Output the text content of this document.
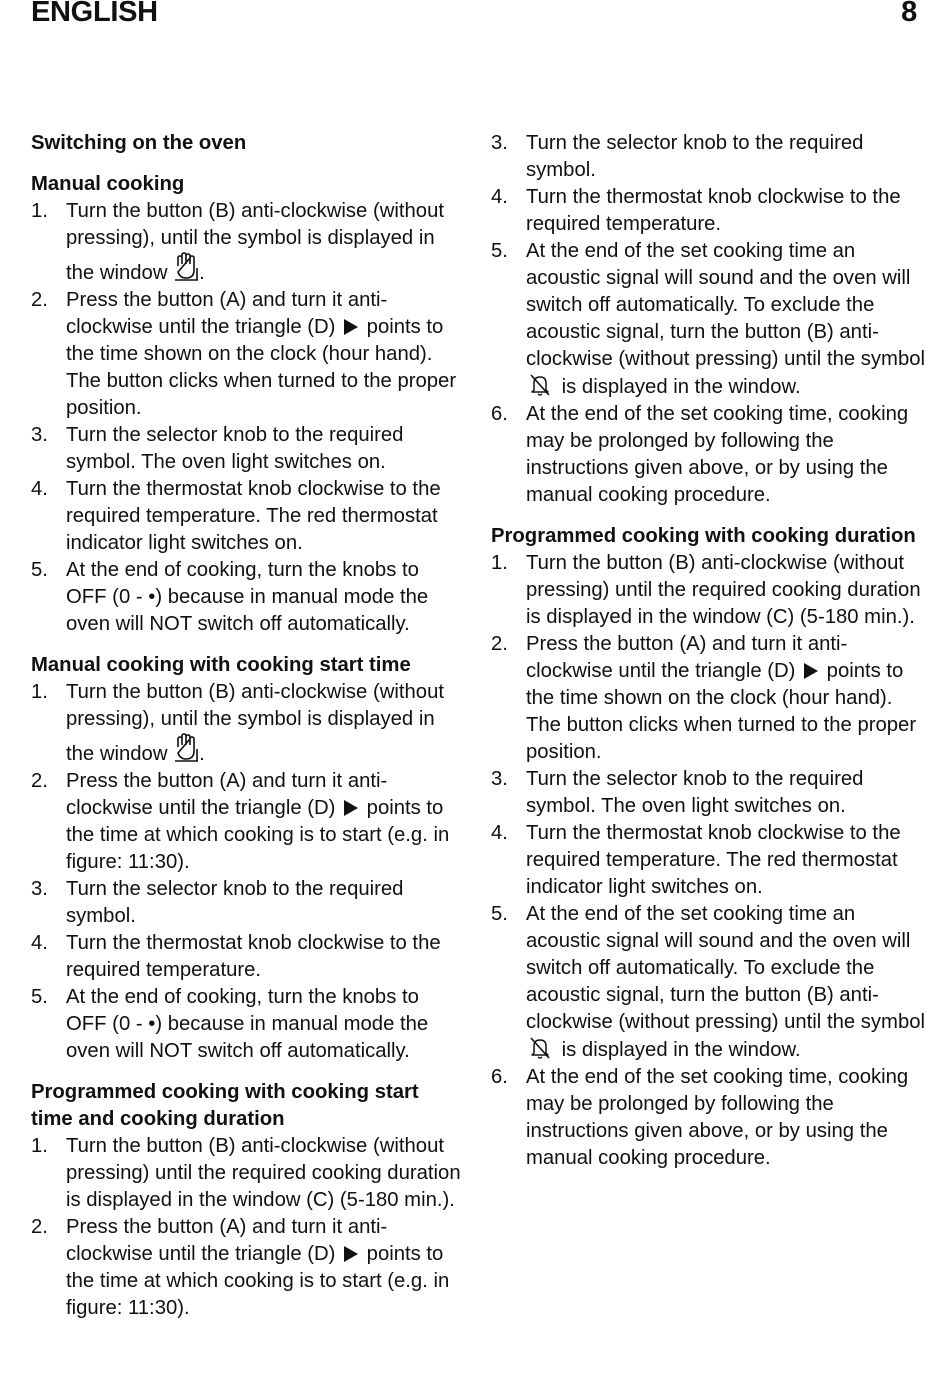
ENGLISH	8
Switching on the oven
Manual cooking
1. Turn the button (B) anti-clockwise (without pressing), until the symbol is displayed in the window .
2. Press the button (A) and turn it anti-clockwise until the triangle (D)  points to the time shown on the clock (hour hand). The button clicks when turned to the proper position.
3. Turn the selector knob to the required symbol. The oven light switches on.
4. Turn the thermostat knob clockwise to the required temperature. The red thermostat indicator light switches on.
5. At the end of cooking, turn the knobs to OFF (0 - •) because in manual mode the oven will NOT switch off automatically.
Manual cooking with cooking start time
1. Turn the button (B) anti-clockwise (without pressing), until the symbol is displayed in the window .
2. Press the button (A) and turn it anti-clockwise until the triangle (D)  points to the time at which cooking is to start (e.g. in figure: 11:30).
3. Turn the selector knob to the required symbol.
4. Turn the thermostat knob clockwise to the required temperature.
5. At the end of cooking, turn the knobs to OFF (0 - •) because in manual mode the oven will NOT switch off automatically.
Programmed cooking with cooking start time and cooking duration
1. Turn the button (B) anti-clockwise (without pressing) until the required cooking duration is displayed in the window (C) (5-180 min.).
2. Press the button (A) and turn it anti-clockwise until the triangle (D)  points to the time at which cooking is to start (e.g. in figure: 11:30).
3. Turn the selector knob to the required symbol.
4. Turn the thermostat knob clockwise to the required temperature.
5. At the end of the set cooking time an acoustic signal will sound and the oven will switch off automatically. To exclude the acoustic signal, turn the button (B) anti-clockwise (without pressing) until the symbol  is displayed in the window.
6. At the end of the set cooking time, cooking may be prolonged by following the instructions given above, or by using the manual cooking procedure.
Programmed cooking with cooking duration
1. Turn the button (B) anti-clockwise (without pressing) until the required cooking duration is displayed in the window (C) (5-180 min.).
2. Press the button (A) and turn it anti-clockwise until the triangle (D)  points to the time shown on the clock (hour hand). The button clicks when turned to the proper position.
3. Turn the selector knob to the required symbol. The oven light switches on.
4. Turn the thermostat knob clockwise to the required temperature. The red thermostat indicator light switches on.
5. At the end of the set cooking time an acoustic signal will sound and the oven will switch off automatically. To exclude the acoustic signal, turn the button (B) anti-clockwise (without pressing) until the symbol  is displayed in the window.
6. At the end of the set cooking time, cooking may be prolonged by following the instructions given above, or by using the manual cooking procedure.
